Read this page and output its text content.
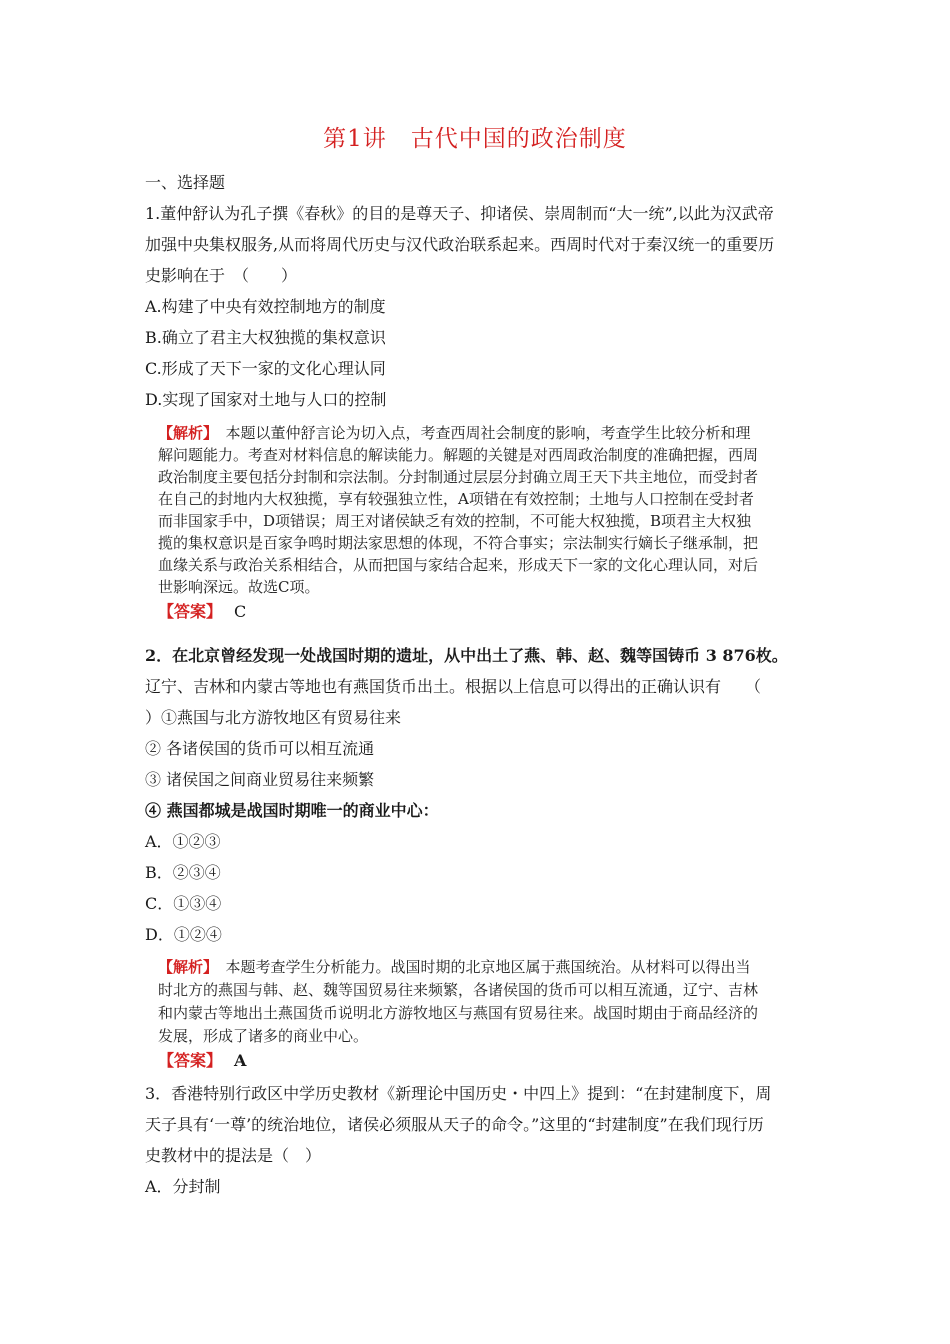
第1讲　古代中国的政治制度
一、选择题
1.董仲舒认为孔子撰《春秋》的目的是尊天子、抑诸侯、崇周制而“大一统”,以此为汉武帝
加强中央集权服务,从而将周代历史与汉代政治联系起来。西周时代对于秦汉统一的重要历
史影响在于　（　　）
A.构建了中央有效控制地方的制度
B.确立了君主大权独揽的集权意识
C.形成了天下一家的文化心理认同
D.实现了国家对土地与人口的控制
【解析】　 本题以董仲舒言论为切入点，考查西周社会制度的影响，考查学生比较分析和理
解问题能力。考查对材料信息的解读能力。解题的关键是对西周政治制度的准确把握，西周
政治制度主要包括分封制和宗法制。分封制通过层层分封确立周王天下共主地位，而受封者
在自己的封地内大权独揽，享有较强独立性，A项错在有效控制；土地与人口控制在受封者
而非国家手中，D项错误；周王对诸侯缺乏有效的控制，不可能大权独揽，B项君主大权独
揽的集权意识是百家争鸣时期法家思想的体现，不符合事实；宗法制实行嫡长子继承制，把
血缘关系与政治关系相结合，从而把国与家结合起来，形成天下一家的文化心理认同，对后
世影响深远。故选C项。
【答案】 C
2．在北京曾经发现一处战国时期的遗址，从中出土了燕、韩、赵、魏等国铸币 3 876枚。
辽宁、吉林和内蒙古等地也有燕国货币出土。根据以上信息可以得出的正确认识有　　（
）①燕国与北方游牧地区有贸易往来
② 各诸侯国的货币可以相互流通
③ 诸侯国之间商业贸易往来频繁
④ 燕国都城是战国时期唯一的商业中心：
A．①②③
B．②③④
C．①③④
D．①②④
【解析】　 本题考查学生分析能力。战国时期的北京地区属于燕国统治。从材料可以得出当
时北方的燕国与韩、赵、魏等国贸易往来频繁，各诸侯国的货币可以相互流通，辽宁、吉林
和内蒙古等地出土燕国货币说明北方游牧地区与燕国有贸易往来。战国时期由于商品经济的
发展，形成了诸多的商业中心。
【答案】 A
3．香港特别行政区中学历史教材《新理论中国历史・中四上》提到：“在封建制度下，周
天子具有‘一尊’的统治地位，诸侯必须服从天子的命令。”这里的“封建制度”在我们现行历
史教材中的提法是（　）
A．分封制
